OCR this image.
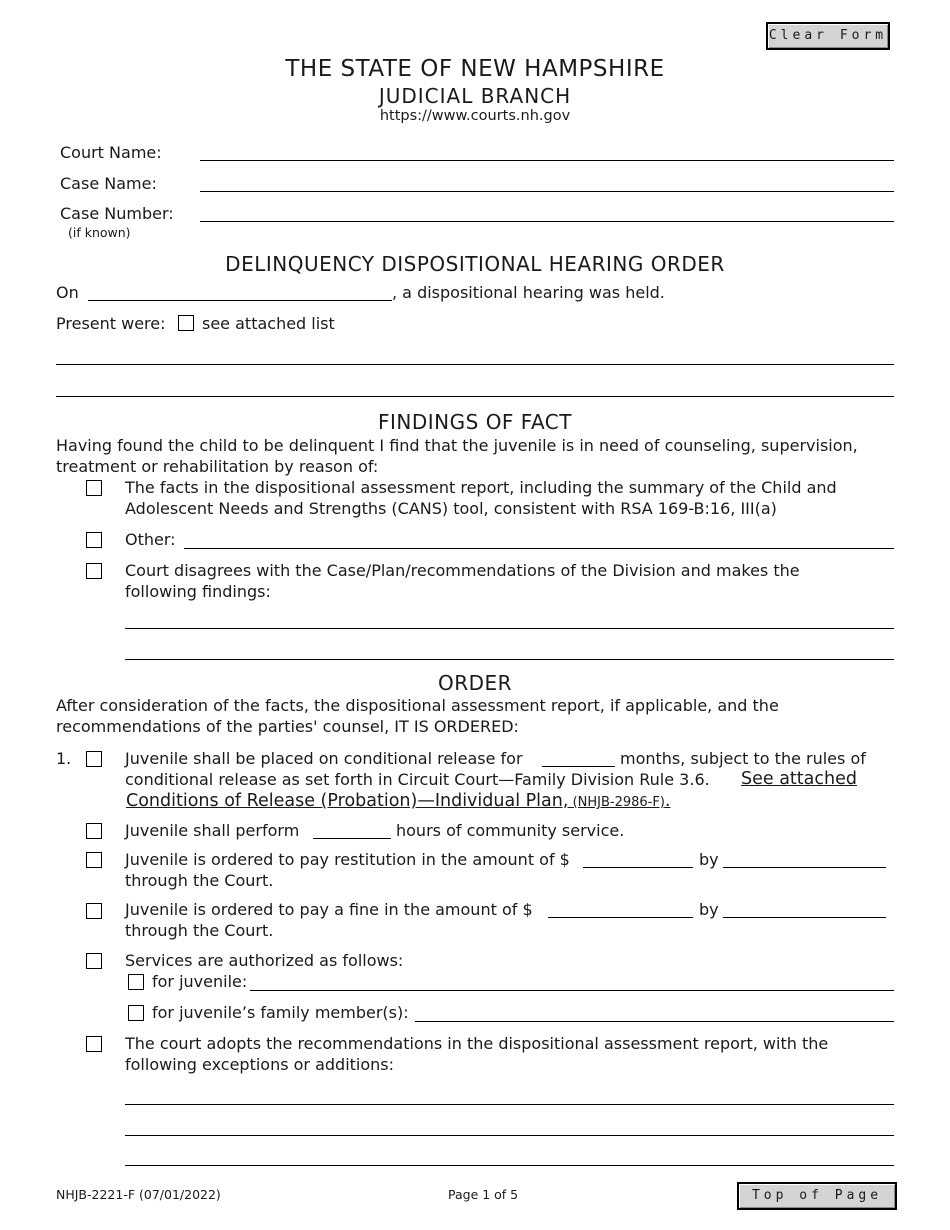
Clear Form
Top of Page
THE STATE OF NEW HAMPSHIRE
JUDICIAL BRANCH
https://www.courts.nh.gov
Court Name:
Case Name:
Case Number:
(if known)
DELINQUENCY DISPOSITIONAL HEARING ORDER
On	, a dispositional hearing was held.
Present were: see attached list
FINDINGS OF FACT
Having found the child to be delinquent I find that the juvenile is in need of counseling, supervision,
treatment or rehabilitation by reason of:
The facts in the dispositional assessment report, including the summary of the Child and
Adolescent Needs and Strengths (CANS) tool, consistent with RSA 169-B:16, III(a)
Other:
Court disagrees with the Case/Plan/recommendations of the Division and makes the
following findings:
ORDER
After consideration of the facts, the dispositional assessment report, if applicable, and the
recommendations of the parties' counsel, IT IS ORDERED:
1.	Juvenile shall be placed on conditional release for	months, subject to the rules of
conditional release as set forth in Circuit Court—Family Division Rule 3.6. See attached
Conditions of Release (Probation)—Individual Plan, (NHJB-2986-F).
Juvenile shall perform	hours of community service.
Juvenile is ordered to pay restitution in the amount of $	by
through the Court.
Juvenile is ordered to pay a fine in the amount of $	by
through the Court.
Services are authorized as follows:
for juvenile:
for juvenile’s family member(s):
The court adopts the recommendations in the dispositional assessment report, with the
following exceptions or additions:
NHJB-2221-F (07/01/2022)	Page 1 of 5
